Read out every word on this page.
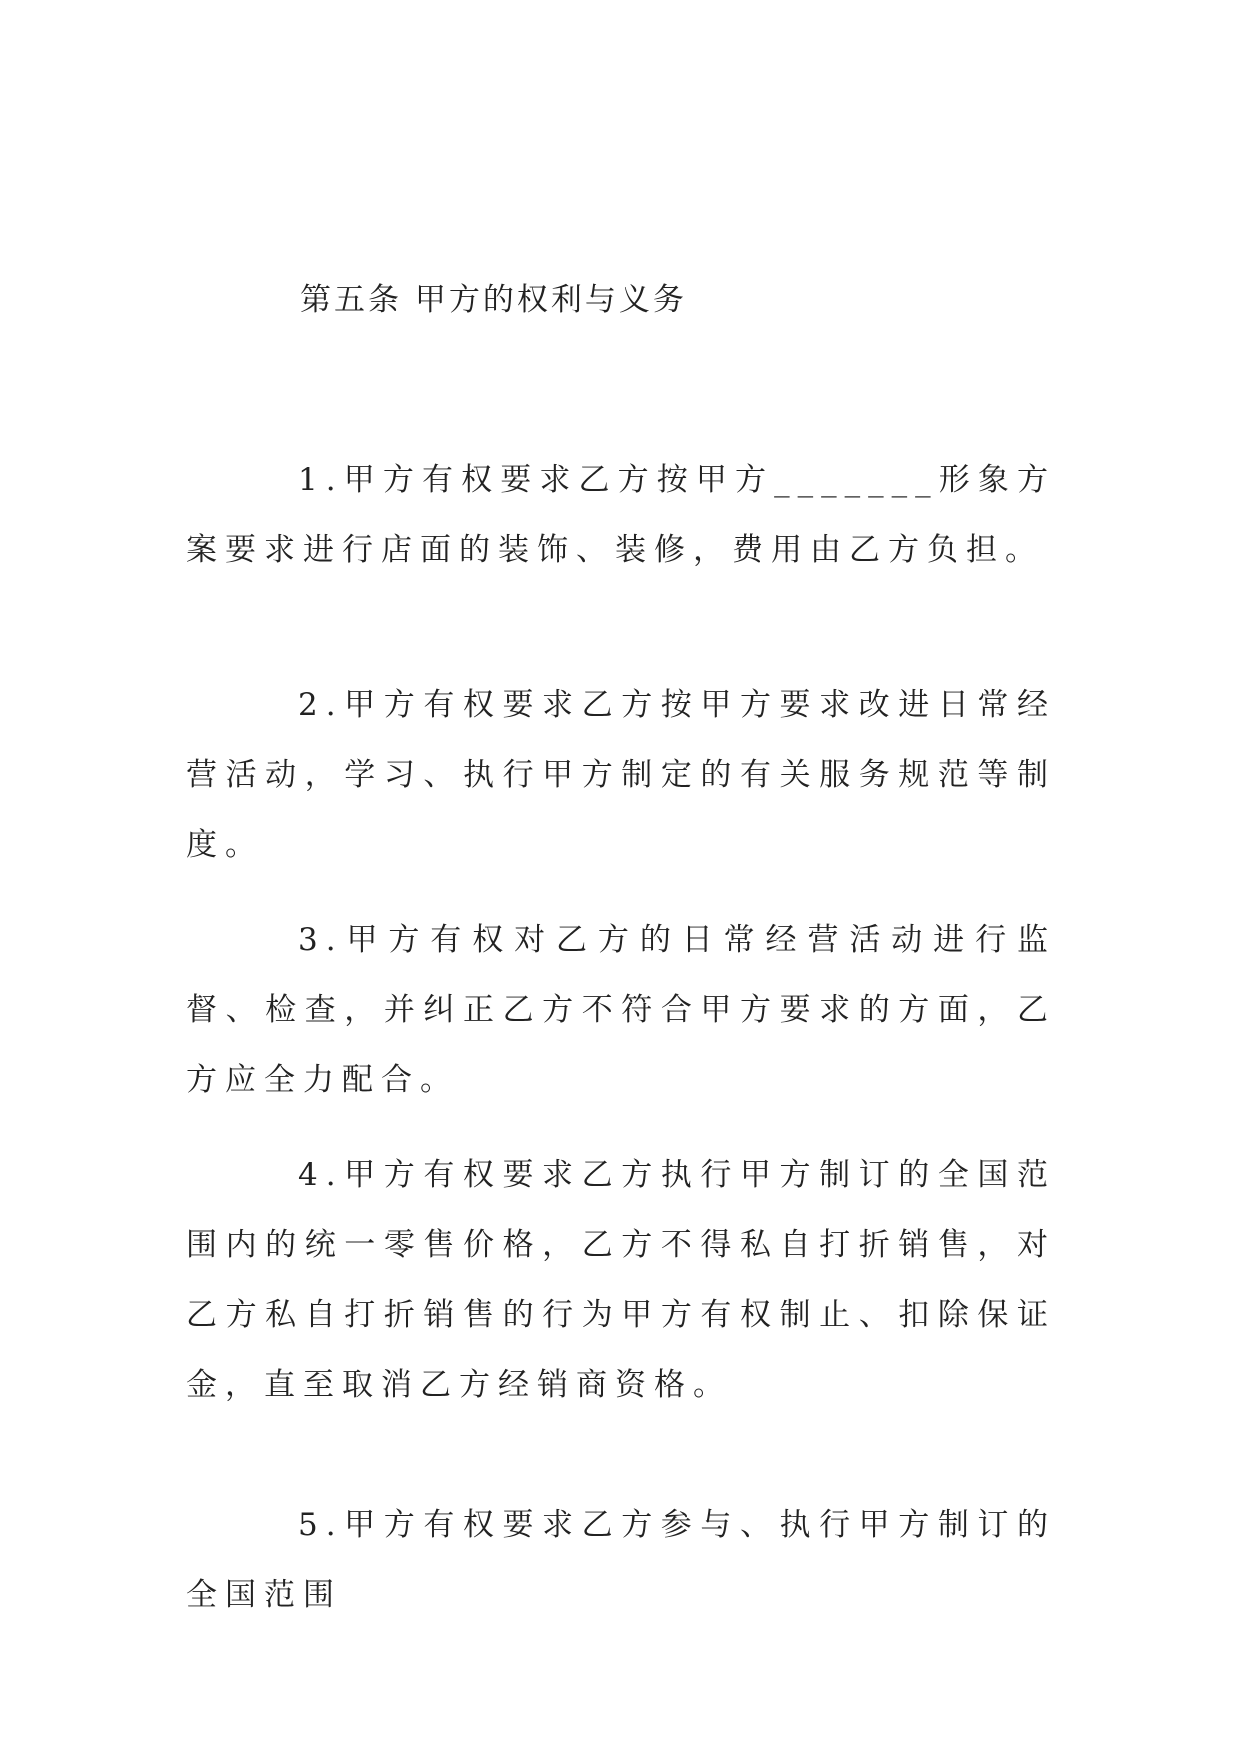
第五条 甲方的权利与义务
1.甲方有权要求乙方按甲方_______形象方案要求进行店面的装饰、装修，费用由乙方负担。
2.甲方有权要求乙方按甲方要求改进日常经营活动，学习、执行甲方制定的有关服务规范等制度。
3.甲方有权对乙方的日常经营活动进行监督、检查，并纠正乙方不符合甲方要求的方面，乙方应全力配合。
4.甲方有权要求乙方执行甲方制订的全国范围内的统一零售价格，乙方不得私自打折销售，对乙方私自打折销售的行为甲方有权制止、扣除保证金，直至取消乙方经销商资格。
5.甲方有权要求乙方参与、执行甲方制订的全国范围
